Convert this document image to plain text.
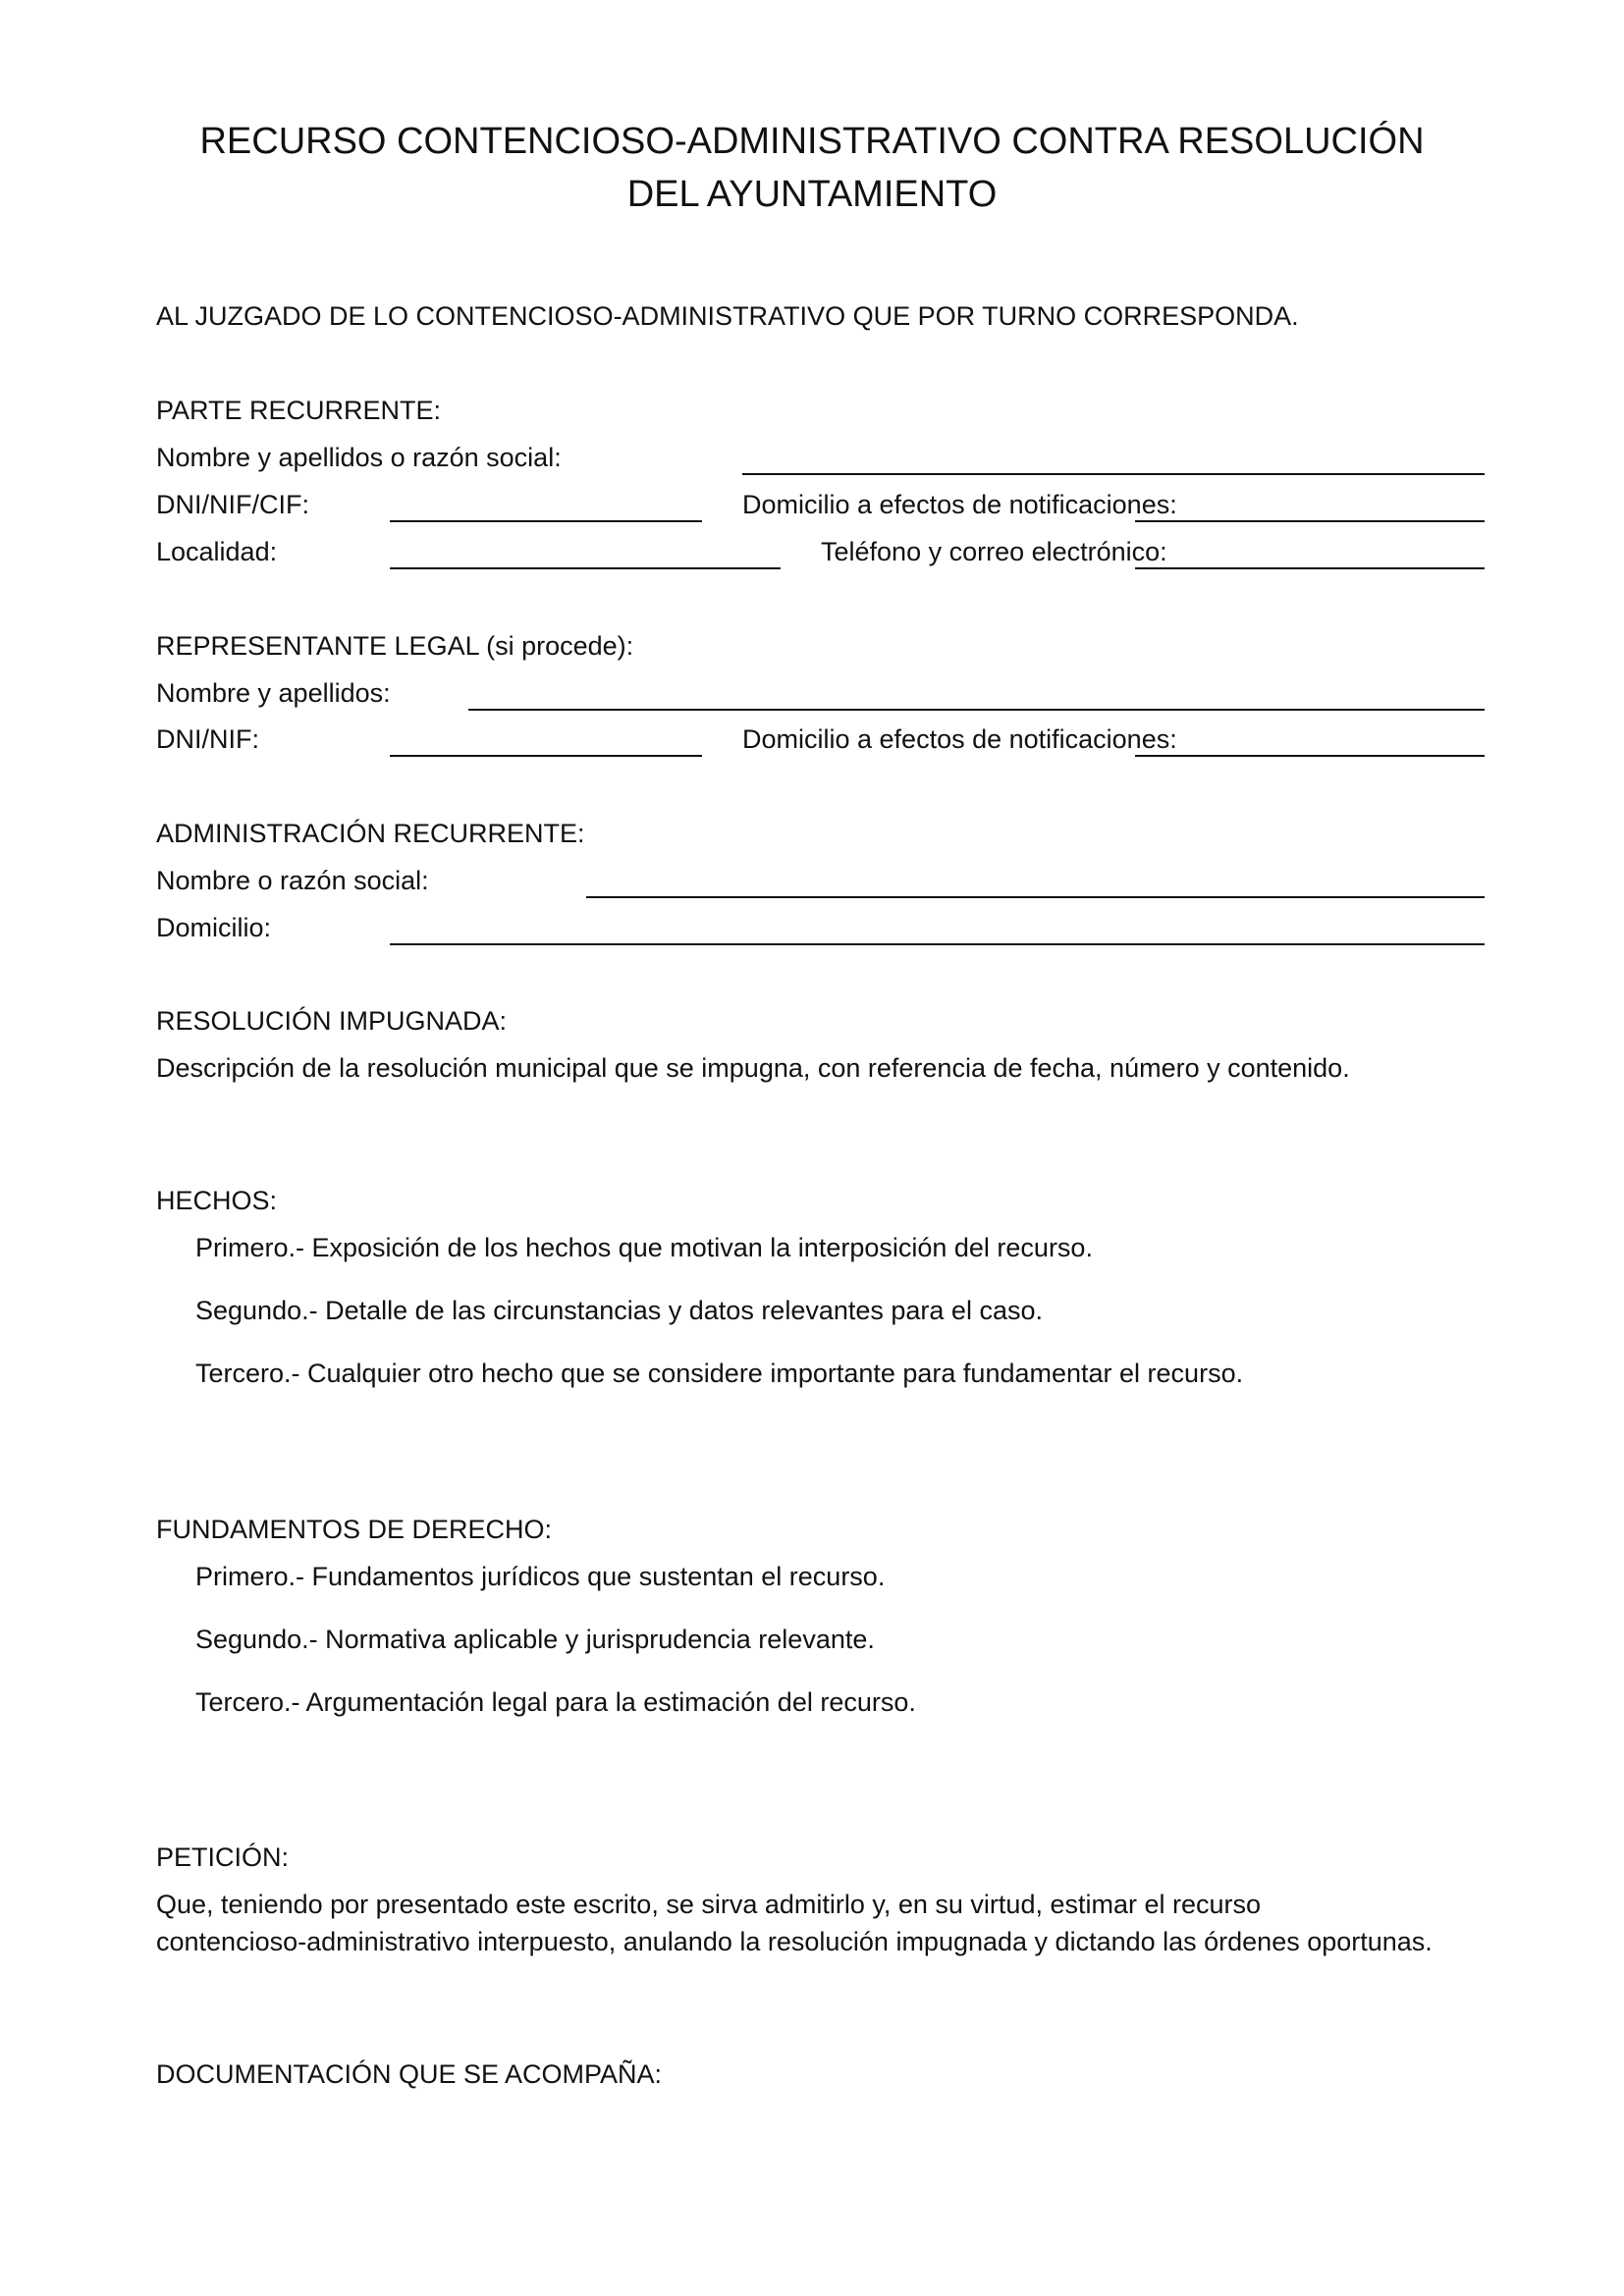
RECURSO CONTENCIOSO-ADMINISTRATIVO CONTRA RESOLUCIÓN
DEL AYUNTAMIENTO

AL JUZGADO DE LO CONTENCIOSO-ADMINISTRATIVO QUE POR TURNO CORRESPONDA.

PARTE RECURRENTE:

Nombre y apellidos o razón social:

DNI/NIF/CIF:	Domicilio a efectos de notificaciones:

Localidad:	Teléfono y correo electrónico:

REPRESENTANTE LEGAL (si procede):

Nombre y apellidos:

DNI/NIF:	Domicilio a efectos de notificaciones:

ADMINISTRACIÓN RECURRENTE:

Nombre o razón social:

Domicilio:

RESOLUCIÓN IMPUGNADA:

Descripción de la resolución municipal que se impugna, con referencia de fecha, número y contenido.

HECHOS:

Primero.- Exposición de los hechos que motivan la interposición del recurso.

Segundo.- Detalle de las circunstancias y datos relevantes para el caso.

Tercero.- Cualquier otro hecho que se considere importante para fundamentar el recurso.

FUNDAMENTOS DE DERECHO:

Primero.- Fundamentos jurídicos que sustentan el recurso.

Segundo.- Normativa aplicable y jurisprudencia relevante.

Tercero.- Argumentación legal para la estimación del recurso.

PETICIÓN:

Que, teniendo por presentado este escrito, se sirva admitirlo y, en su virtud, estimar el recurso

contencioso-administrativo interpuesto, anulando la resolución impugnada y dictando las órdenes oportunas.

DOCUMENTACIÓN QUE SE ACOMPAÑA:
